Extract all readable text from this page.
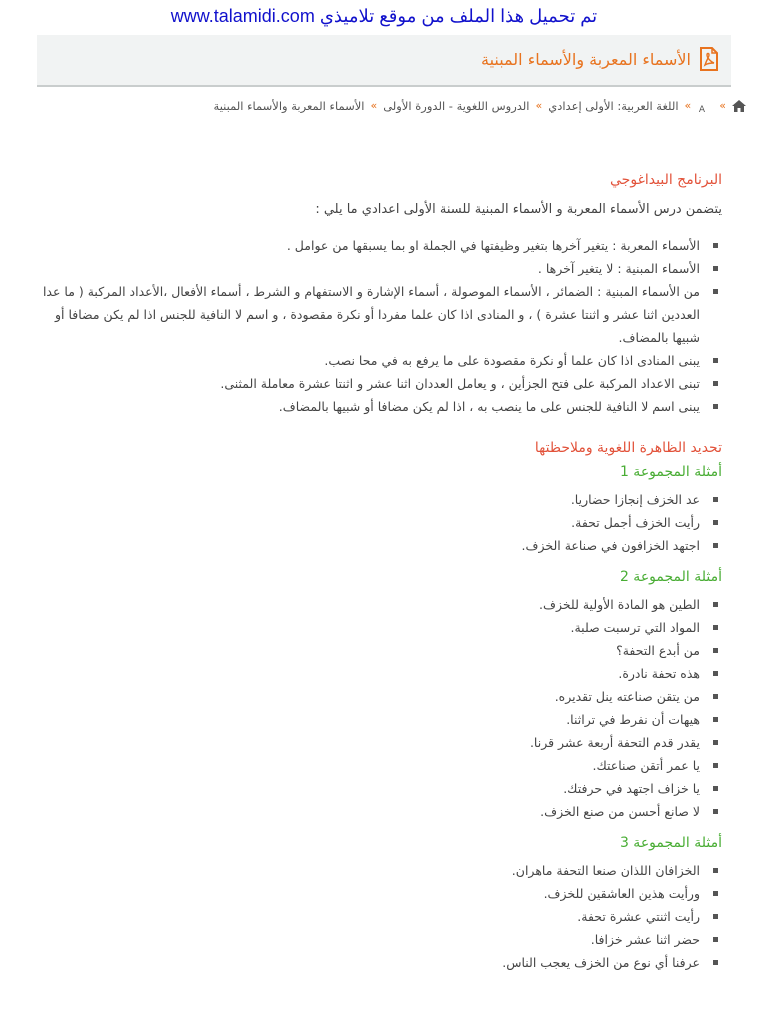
تم تحميل هذا الملف من موقع تلاميذي www.talamidi.com
الأسماء المعربة والأسماء المبنية
»
A
»
اللغة العربية: الأولى إعدادي
»
الدروس اللغوية - الدورة الأولى
»
الأسماء المعربة والأسماء المبنية
البرنامج البيداغوجي
يتضمن درس الأسماء المعربة و الأسماء المبنية للسنة الأولى اعدادي ما يلي :
الأسماء المعربة : يتغير آخرها بتغير وظيفتها في الجملة او بما يسبقها من عوامل .
الأسماء المبنية : لا يتغير آخرها .
من الأسماء المبنية : الضمائر ، الأسماء الموصولة ، أسماء الإشارة و الاستفهام و الشرط ، أسماء الأفعال ،الأعداد المركبة ( ما عدا العددين اثنا عشر و اثنتا عشرة ) ، و المنادى اذا كان علما مفردا أو نكرة مقصودة ، و اسم لا النافية للجنس اذا لم يكن مضافا أو شبيها بالمضاف.
يبنى المنادى اذا كان علما أو نكرة مقصودة على ما يرفع به في محا نصب.
تبنى الاعداد المركبة على فتح الجزأين ، و يعامل العددان اثنا عشر و اثنتا عشرة معاملة المثنى.
يبنى اسم لا النافية للجنس على ما ينصب به ، اذا لم يكن مضافا أو شبيها بالمضاف.
تحديد الظاهرة اللغوية وملاحظتها
أمثلة المجموعة 1
عد الخزف إنجازا حضاريا.
رأيت الخزف أجمل تحفة.
اجتهد الخزافون في صناعة الخزف.
أمثلة المجموعة 2
الطين هو المادة الأولية للخزف.
المواد التي ترسبت صلبة.
من أبدع التحفة؟
هذه تحفة نادرة.
من يتقن صناعته ينل تقديره.
هيهات أن نفرط في تراثنا.
يقدر قدم التحفة أربعة عشر قرنا.
يا عمر أتقن صناعتك.
يا خزاف اجتهد في حرفتك.
لا صانع أحسن من صنع الخزف.
أمثلة المجموعة 3
الخزافان اللذان صنعا التحفة ماهران.
ورأيت هذين العاشقين للخزف.
رأيت اثنتي عشرة تحفة.
حضر اثنا عشر خزافا.
عرفنا أي نوع من الخزف يعجب الناس.
